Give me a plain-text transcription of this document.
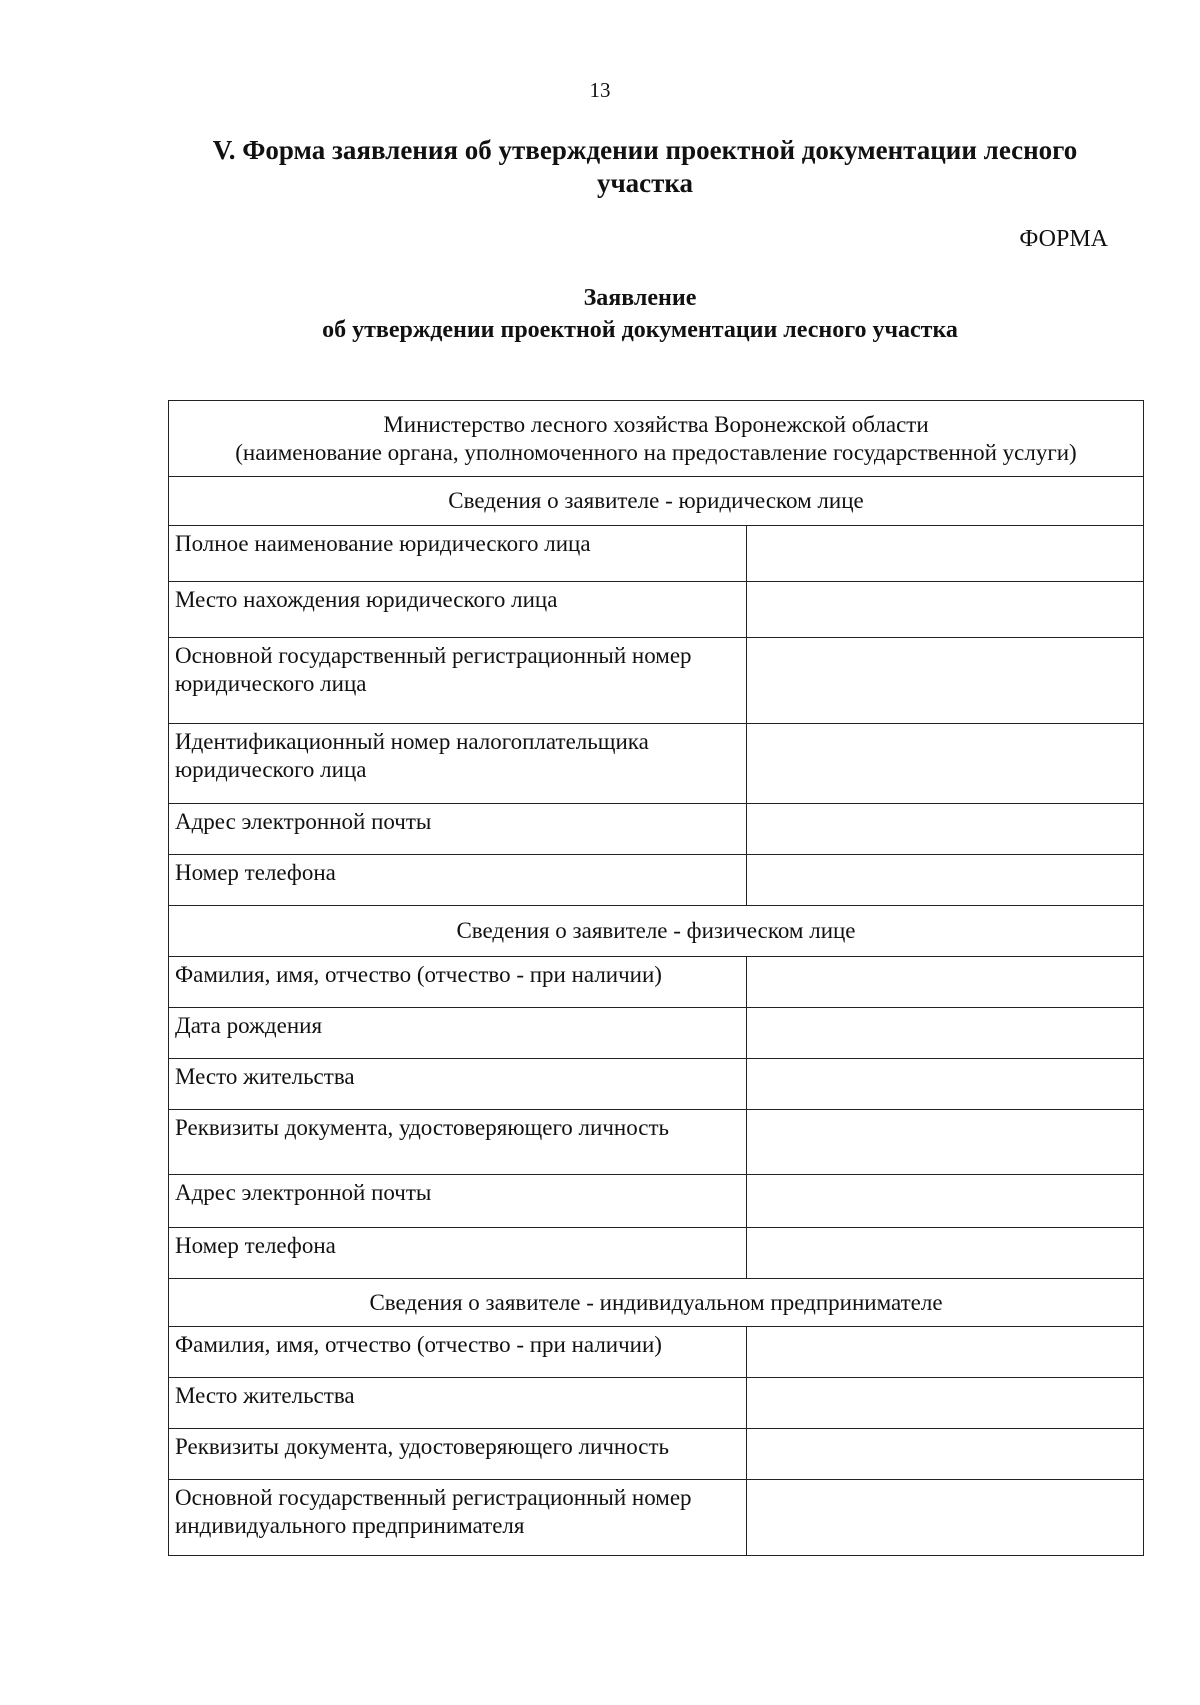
13
V. Форма заявления об утверждении проектной документации лесного
участка
ФОРМА
Заявление
об утверждении проектной документации лесного участка
Министерство лесного хозяйства Воронежской области
(наименование органа, уполномоченного на предоставление государственной услуги)	

Сведения о заявителе - юридическом лице	
Полное наименование юридического лица	
Место нахождения юридического лица	
Основной государственный регистрационный номер юридического лица	
Идентификационный номер налогоплательщика юридического лица	
Адрес электронной почты	
Номер телефона	
Сведения о заявителе - физическом лице	
Фамилия, имя, отчество (отчество - при наличии)	
Дата рождения	
Место жительства	
Реквизиты документа, удостоверяющего личность	
Адрес электронной почты	
Номер телефона	
Сведения о заявителе - индивидуальном предпринимателе	
Фамилия, имя, отчество (отчество - при наличии)	
Место жительства	
Реквизиты документа, удостоверяющего личность	
Основной государственный регистрационный номер индивидуального предпринимателя	
